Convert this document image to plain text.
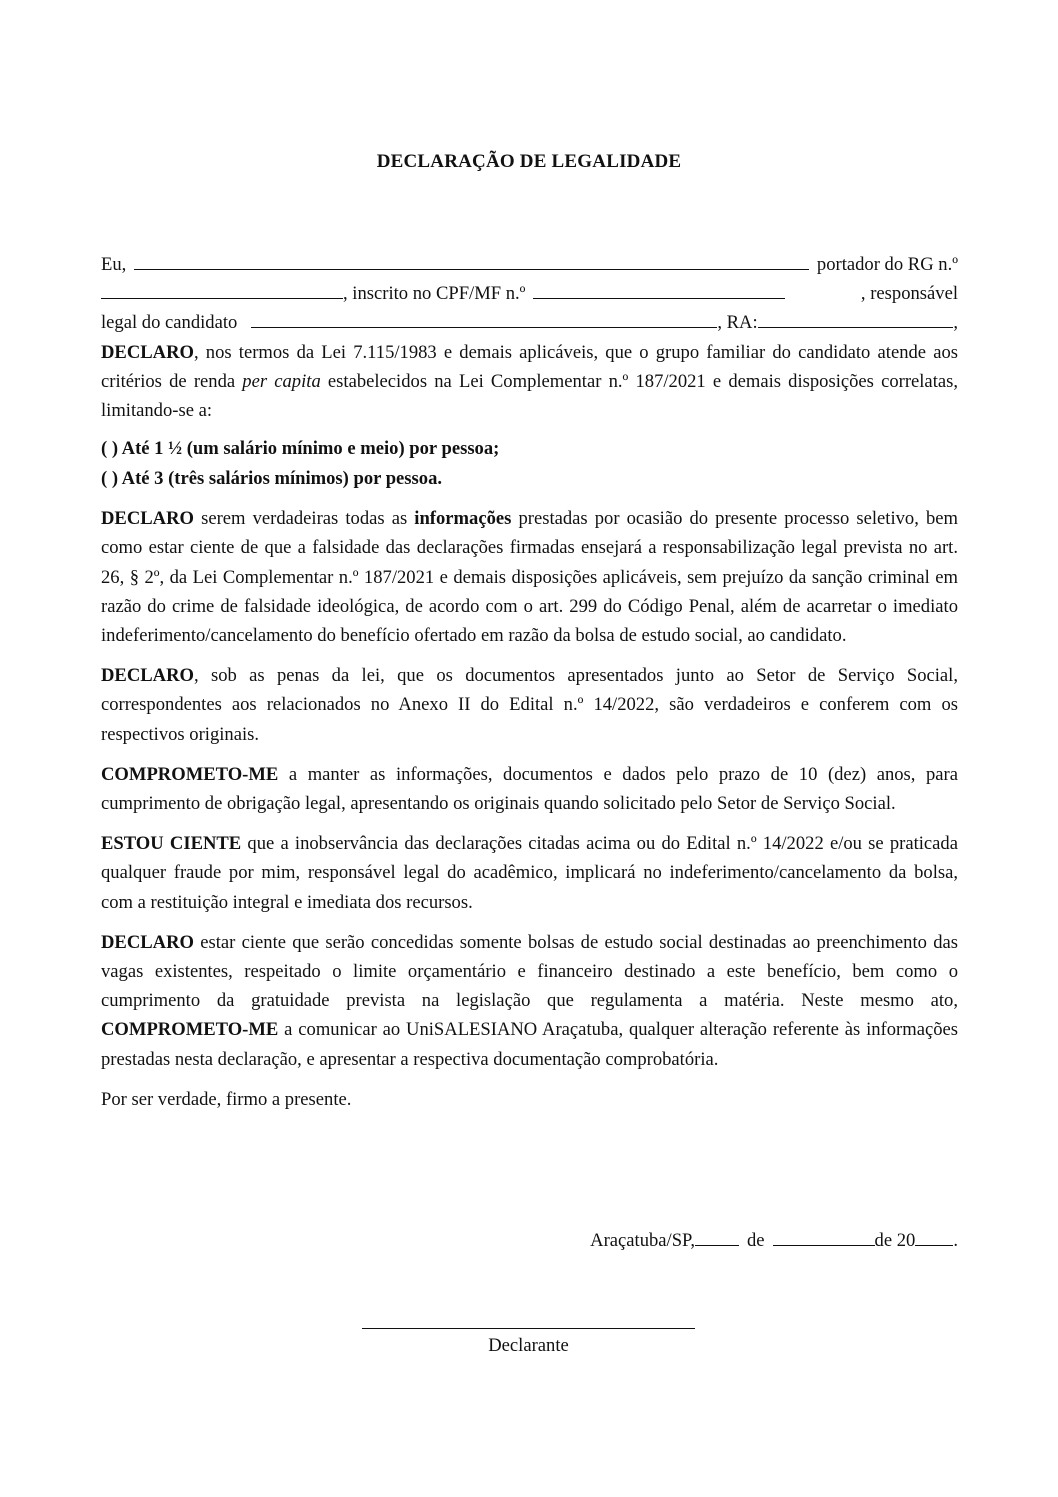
DECLARAÇÃO DE LEGALIDADE
Eu,	portador do RG n.º
, inscrito no CPF/MF n.º	, responsável
legal do candidato	, RA:	,

DECLARO, nos termos da Lei 7.115/1983 e demais aplicáveis, que o grupo familiar do candidato atende aos critérios de renda per capita estabelecidos na Lei Complementar n.º 187/2021 e demais disposições correlatas, limitando-se a:

( ) Até 1 ½ (um salário mínimo e meio) por pessoa;
( ) Até 3 (três salários mínimos) por pessoa.

DECLARO serem verdadeiras todas as informações prestadas por ocasião do presente processo seletivo, bem como estar ciente de que a falsidade das declarações firmadas ensejará a responsabilização legal prevista no art. 26, § 2º, da Lei Complementar n.º 187/2021 e demais disposições aplicáveis, sem prejuízo da sanção criminal em razão do crime de falsidade ideológica, de acordo com o art. 299 do Código Penal, além de acarretar o imediato indeferimento/cancelamento do benefício ofertado em razão da bolsa de estudo social, ao candidato.

DECLARO, sob as penas da lei, que os documentos apresentados junto ao Setor de Serviço Social, correspondentes aos relacionados no Anexo II do Edital n.º 14/2022, são verdadeiros e conferem com os respectivos originais.

COMPROMETO-ME a manter as informações, documentos e dados pelo prazo de 10 (dez) anos, para cumprimento de obrigação legal, apresentando os originais quando solicitado pelo Setor de Serviço Social.

ESTOU CIENTE que a inobservância das declarações citadas acima ou do Edital n.º 14/2022 e/ou se praticada qualquer fraude por mim, responsável legal do acadêmico, implicará no indeferimento/cancelamento da bolsa, com a restituição integral e imediata dos recursos.

DECLARO estar ciente que serão concedidas somente bolsas de estudo social destinadas ao preenchimento das vagas existentes, respeitado o limite orçamentário e financeiro destinado a este benefício, bem como o cumprimento da gratuidade prevista na legislação que regulamenta a matéria. Neste mesmo ato, COMPROMETO-ME a comunicar ao UniSALESIANO Araçatuba, qualquer alteração referente às informações prestadas nesta declaração, e apresentar a respectiva documentação comprobatória.

Por ser verdade, firmo a presente.

Araçatuba/SP,	de	de 20 .
Declarante
